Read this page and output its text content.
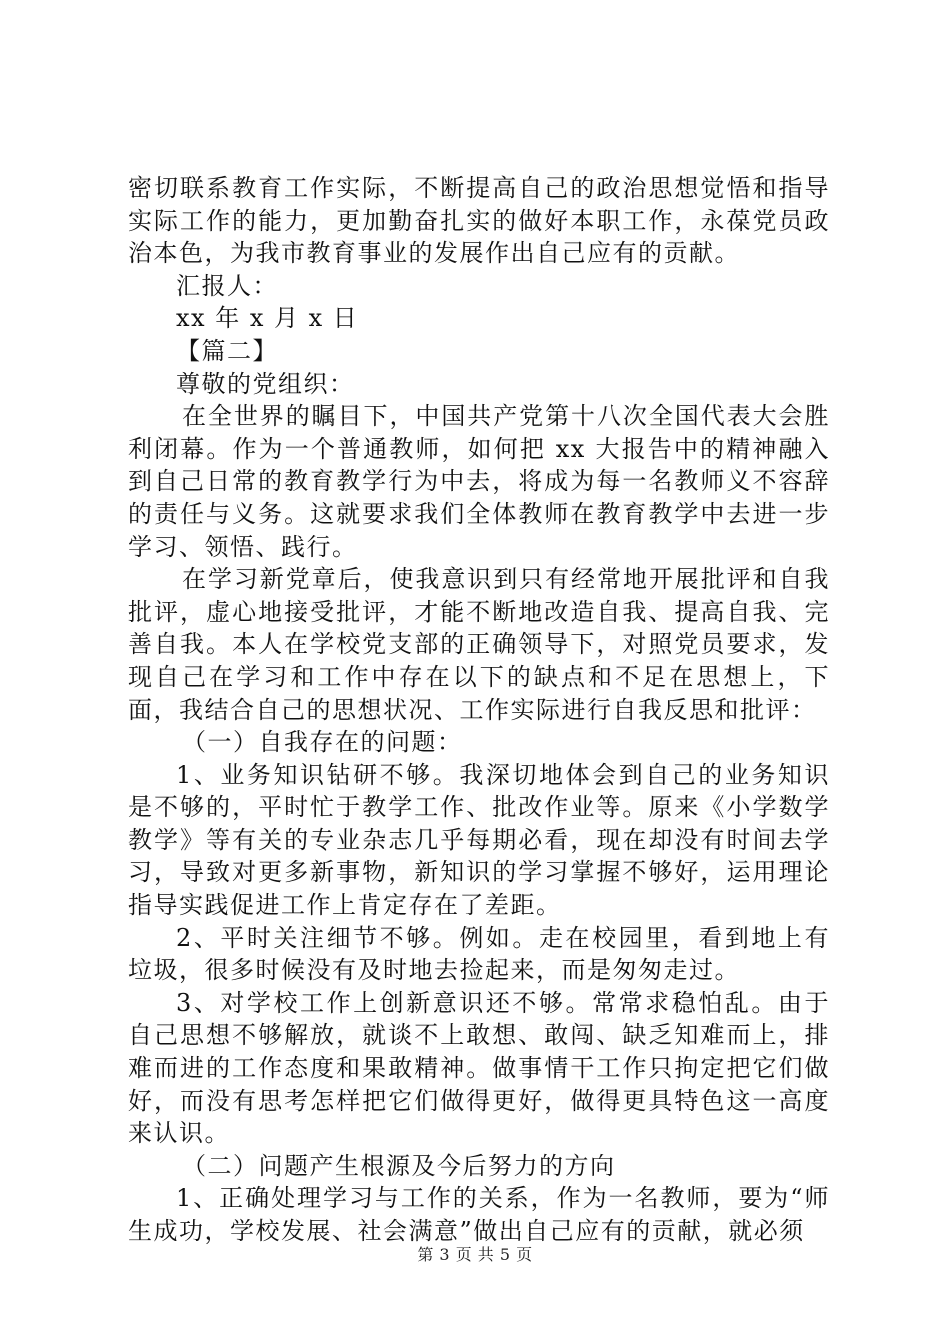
密切联系教育工作实际，不断提高自己的政治思想觉悟和指导实际工作的能力，更加勤奋扎实的做好本职工作，永葆党员政治本色，为我市教育事业的发展作出自己应有的贡献。

汇报人：

xx 年 x 月 x 日

【篇二】

尊敬的党组织：

在全世界的瞩目下，中国共产党第十八次全国代表大会胜利闭幕。作为一个普通教师，如何把 xx 大报告中的精神融入到自己日常的教育教学行为中去，将成为每一名教师义不容辞的责任与义务。这就要求我们全体教师在教育教学中去进一步学习、领悟、践行。

在学习新党章后，使我意识到只有经常地开展批评和自我批评，虚心地接受批评，才能不断地改造自我、提高自我、完善自我。本人在学校党支部的正确领导下，对照党员要求，发现自己在学习和工作中存在以下的缺点和不足在思想上，下面，我结合自己的思想状况、工作实际进行自我反思和批评：

（一）自我存在的问题：

1、业务知识钻研不够。我深切地体会到自己的业务知识是不够的，平时忙于教学工作、批改作业等。原来《小学数学教学》等有关的专业杂志几乎每期必看，现在却没有时间去学习，导致对更多新事物，新知识的学习掌握不够好，运用理论指导实践促进工作上肯定存在了差距。

2、平时关注细节不够。例如。走在校园里，看到地上有垃圾，很多时候没有及时地去捡起来，而是匆匆走过。

3、对学校工作上创新意识还不够。常常求稳怕乱。由于自己思想不够解放，就谈不上敢想、敢闯、缺乏知难而上，排难而进的工作态度和果敢精神。做事情干工作只拘定把它们做好，而没有思考怎样把它们做得更好，做得更具特色这一高度来认识。

（二）问题产生根源及今后努力的方向

1、正确处理学习与工作的关系，作为一名教师，要为“师生成功，学校发展、社会满意”做出自己应有的贡献，就必须

第 3 页 共 5 页
